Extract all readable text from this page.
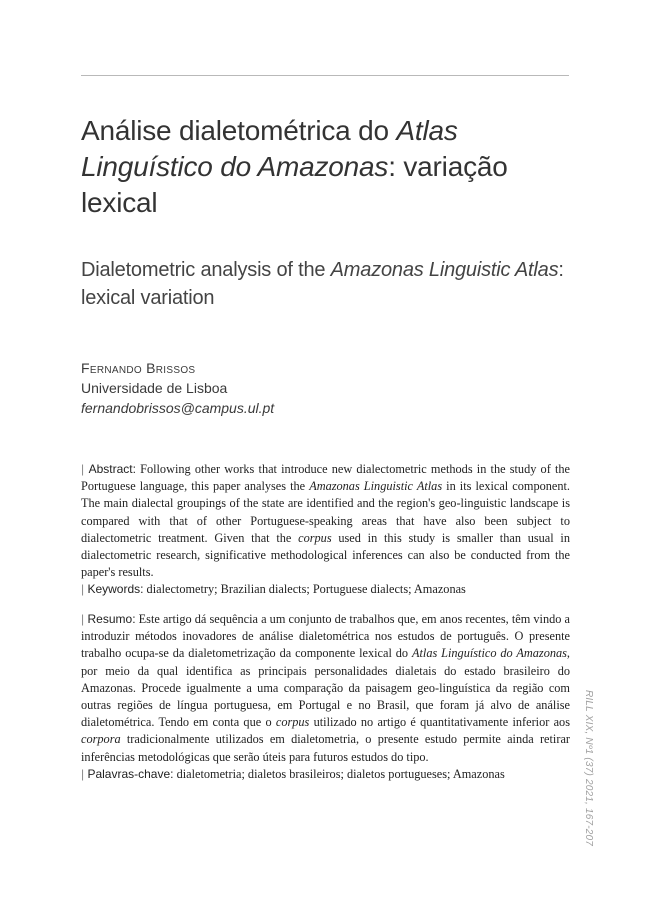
Análise dialetométrica do Atlas Linguístico do Amazonas: variação lexical
Dialetometric analysis of the Amazonas Linguistic Atlas: lexical variation
Fernando Brissos
Universidade de Lisboa
fernandobrissos@campus.ul.pt

| Abstract: Following other works that introduce new dialectometric methods in the study of the Portuguese language, this paper analyses the Amazonas Linguistic Atlas in its lexical component. The main dialectal groupings of the state are identified and the region's geo-linguistic landscape is compared with that of other Portuguese-speaking areas that have also been subject to dialectometric treatment. Given that the corpus used in this study is smaller than usual in dialectometric research, significative methodological inferences can also be conducted from the paper's results.
| Keywords: dialectometry; Brazilian dialects; Portuguese dialects; Amazonas

| Resumo: Este artigo dá sequência a um conjunto de trabalhos que, em anos recentes, têm vindo a introduzir métodos inovadores de análise dialetométrica nos estudos de português. O presente trabalho ocupa-se da dialetometrização da componente lexical do Atlas Linguístico do Amazonas, por meio da qual identifica as principais personalidades dialetais do estado brasileiro do Amazonas. Procede igualmente a uma comparação da paisagem geo-linguística da região com outras regiões de língua portuguesa, em Portugal e no Brasil, que foram já alvo de análise dialetométrica. Tendo em conta que o corpus utilizado no artigo é quantitativamente inferior aos corpora tradicionalmente utilizados em dialetometria, o presente estudo permite ainda retirar inferências metodológicas que serão úteis para futuros estudos do tipo.
| Palavras-chave: dialetometria; dialetos brasileiros; dialetos portugueses; Amazonas	RILL XIX, Nº1 (37) 2021, 167-207
